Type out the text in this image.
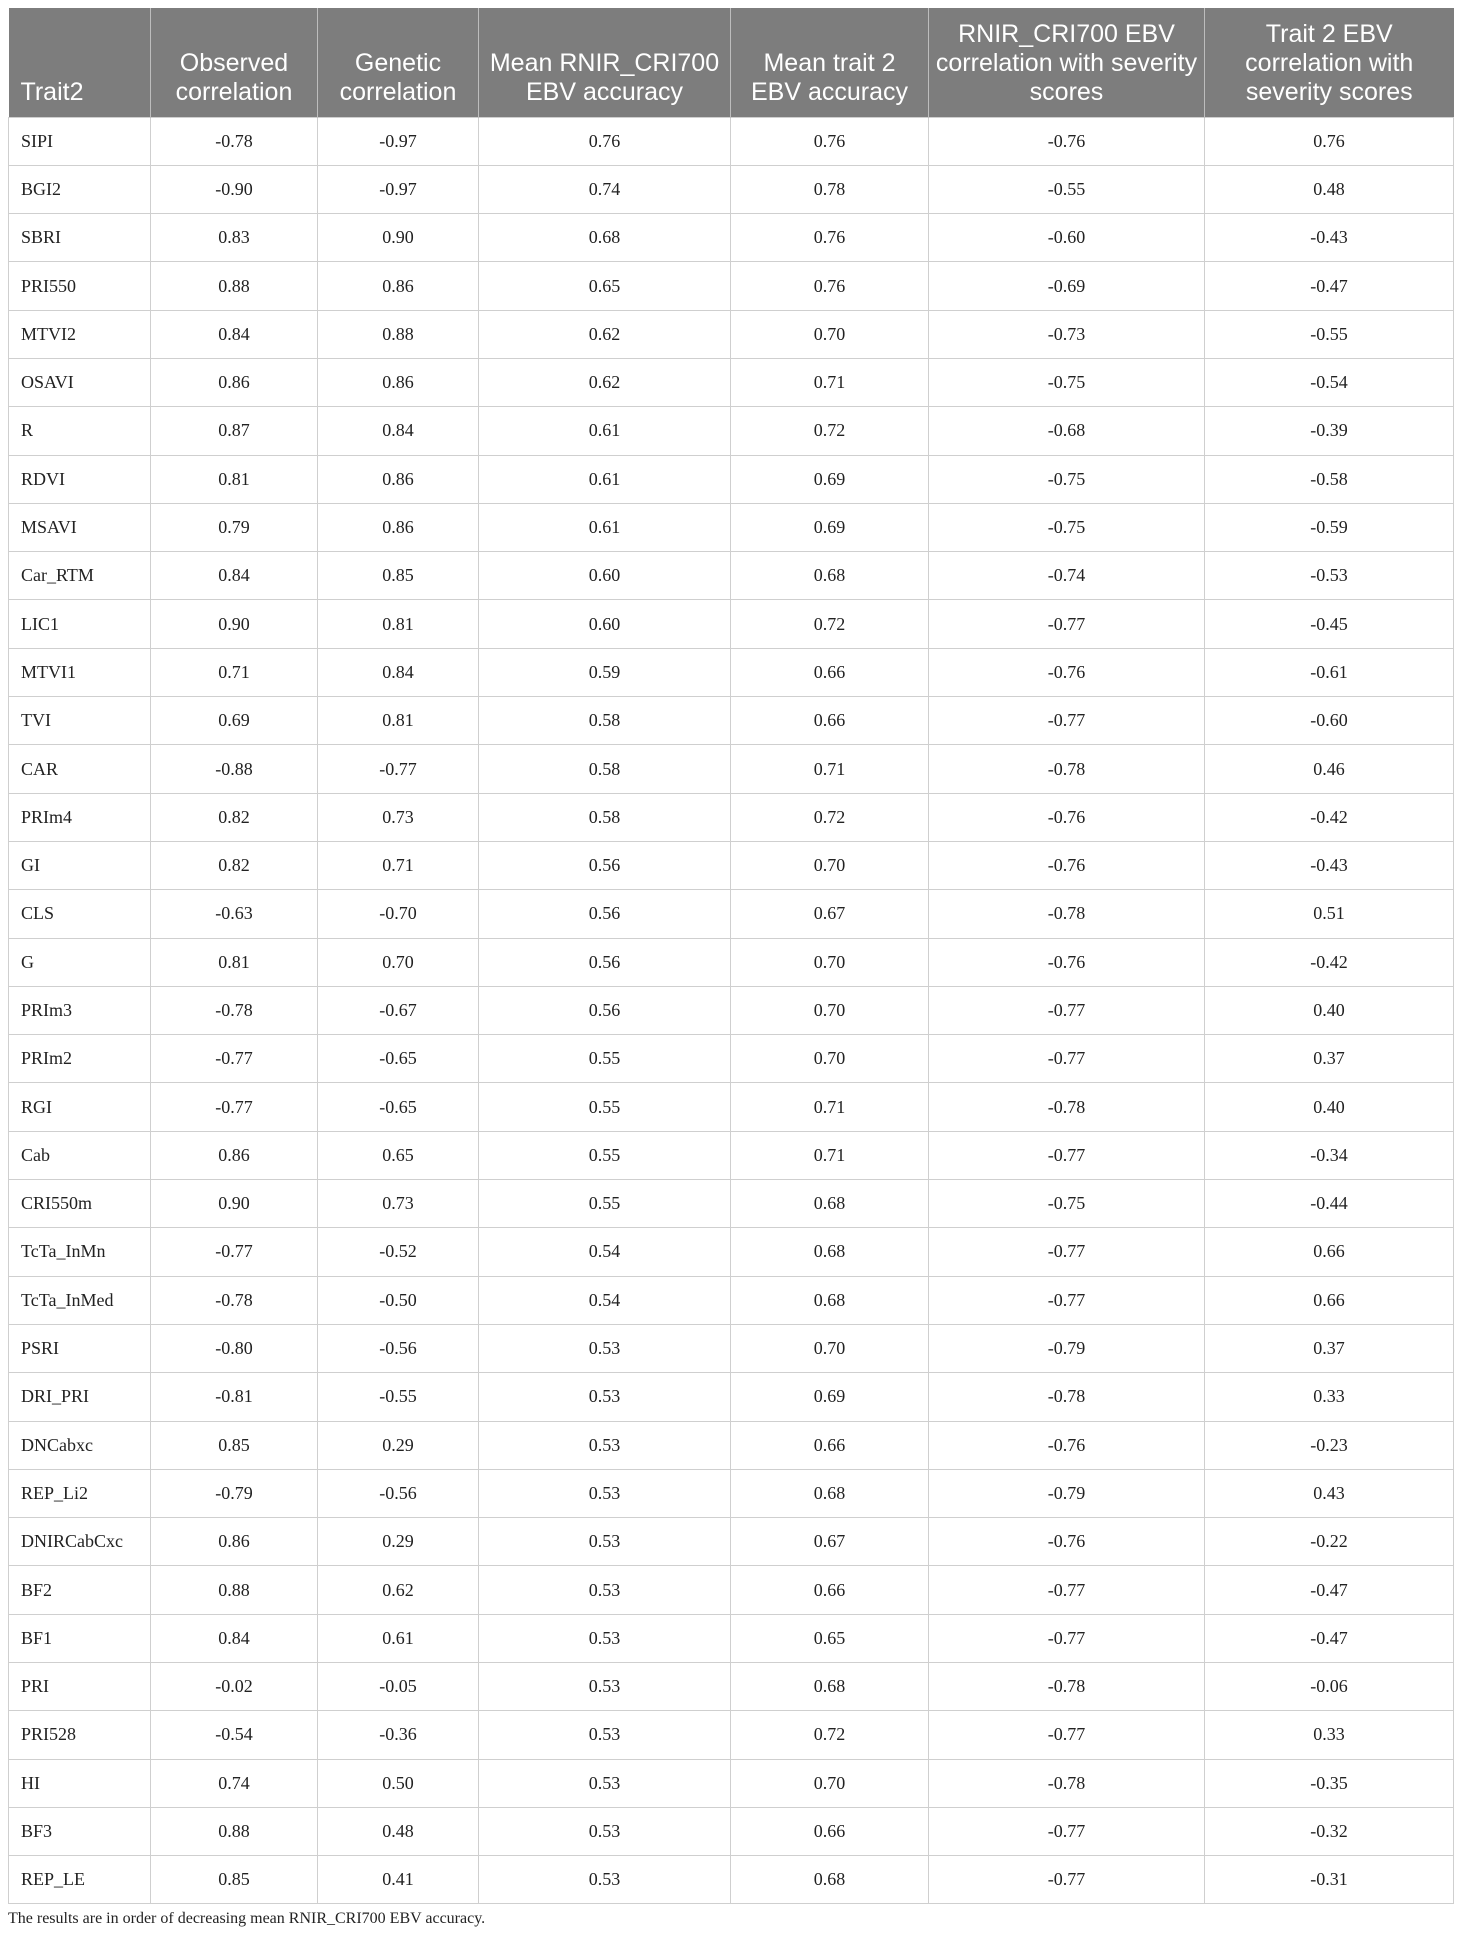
Trait2	Observed correlation	Genetic correlation	Mean RNIR_CRI700 EBV accuracy	Mean trait 2 EBV accuracy	RNIR_CRI700 EBV correlation with severity scores	Trait 2 EBV correlation with severity scores
SIPI	-0.78	-0.97	0.76	0.76	-0.76	0.76
BGI2	-0.90	-0.97	0.74	0.78	-0.55	0.48
SBRI	0.83	0.90	0.68	0.76	-0.60	-0.43
PRI550	0.88	0.86	0.65	0.76	-0.69	-0.47
MTVI2	0.84	0.88	0.62	0.70	-0.73	-0.55
OSAVI	0.86	0.86	0.62	0.71	-0.75	-0.54
R	0.87	0.84	0.61	0.72	-0.68	-0.39
RDVI	0.81	0.86	0.61	0.69	-0.75	-0.58
MSAVI	0.79	0.86	0.61	0.69	-0.75	-0.59
Car_RTM	0.84	0.85	0.60	0.68	-0.74	-0.53
LIC1	0.90	0.81	0.60	0.72	-0.77	-0.45
MTVI1	0.71	0.84	0.59	0.66	-0.76	-0.61
TVI	0.69	0.81	0.58	0.66	-0.77	-0.60
CAR	-0.88	-0.77	0.58	0.71	-0.78	0.46
PRIm4	0.82	0.73	0.58	0.72	-0.76	-0.42
GI	0.82	0.71	0.56	0.70	-0.76	-0.43
CLS	-0.63	-0.70	0.56	0.67	-0.78	0.51
G	0.81	0.70	0.56	0.70	-0.76	-0.42
PRIm3	-0.78	-0.67	0.56	0.70	-0.77	0.40
PRIm2	-0.77	-0.65	0.55	0.70	-0.77	0.37
RGI	-0.77	-0.65	0.55	0.71	-0.78	0.40
Cab	0.86	0.65	0.55	0.71	-0.77	-0.34
CRI550m	0.90	0.73	0.55	0.68	-0.75	-0.44
TcTa_InMn	-0.77	-0.52	0.54	0.68	-0.77	0.66
TcTa_InMed	-0.78	-0.50	0.54	0.68	-0.77	0.66
PSRI	-0.80	-0.56	0.53	0.70	-0.79	0.37
DRI_PRI	-0.81	-0.55	0.53	0.69	-0.78	0.33
DNCabxc	0.85	0.29	0.53	0.66	-0.76	-0.23
REP_Li2	-0.79	-0.56	0.53	0.68	-0.79	0.43
DNIRCabCxc	0.86	0.29	0.53	0.67	-0.76	-0.22
BF2	0.88	0.62	0.53	0.66	-0.77	-0.47
BF1	0.84	0.61	0.53	0.65	-0.77	-0.47
PRI	-0.02	-0.05	0.53	0.68	-0.78	-0.06
PRI528	-0.54	-0.36	0.53	0.72	-0.77	0.33
HI	0.74	0.50	0.53	0.70	-0.78	-0.35
BF3	0.88	0.48	0.53	0.66	-0.77	-0.32
REP_LE	0.85	0.41	0.53	0.68	-0.77	-0.31
The results are in order of decreasing mean RNIR_CRI700 EBV accuracy.
